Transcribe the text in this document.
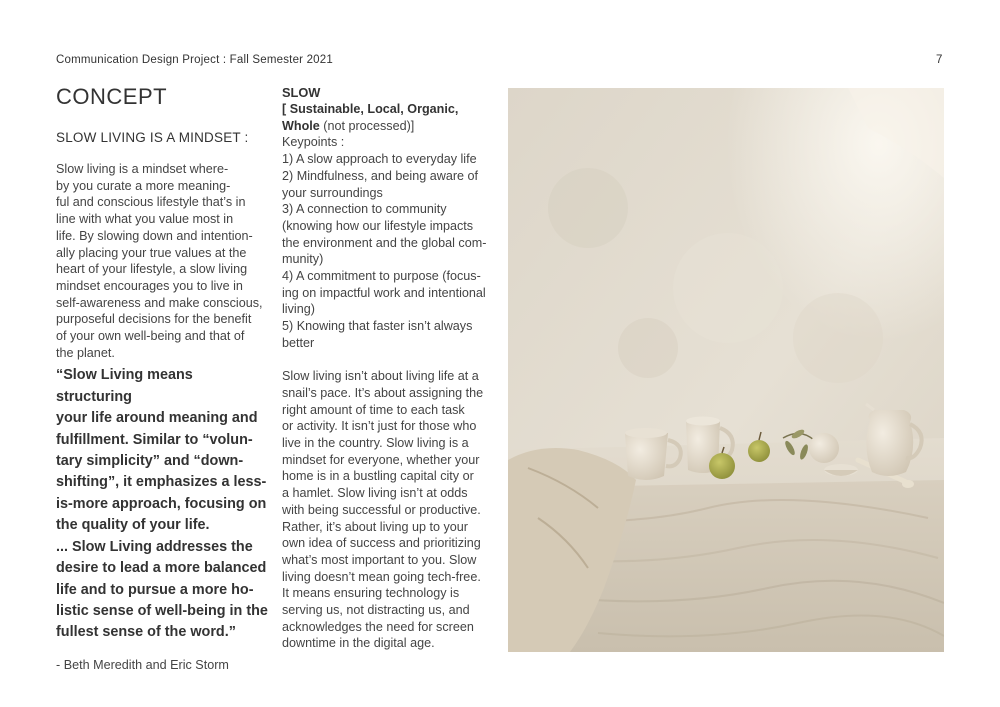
Communication Design Project : Fall Semester 2021	7
CONCEPT
SLOW LIVING IS A MINDSET :
Slow living is a mindset where-
by you curate a more meaning-
ful and conscious lifestyle that’s in
line with what you value most in
life. By slowing down and intention-
ally placing your true values at the
heart of your lifestyle, a slow living
mindset encourages you to live in
self-awareness and make conscious,
purposeful decisions for the benefit
of your own well-being and that of
the planet.
“Slow Living means structuring
your life around meaning and
fulfillment. Similar to “volun-
tary simplicity” and “down-
shifting”, it emphasizes a less-
is-more approach, focusing on
the quality of your life.
... Slow Living addresses the
desire to lead a more balanced
life and to pursue a more ho-
listic sense of well-being in the
fullest sense of the word.”
- Beth Meredith and Eric Storm
SLOW
[ Sustainable, Local, Organic,
Whole (not processed)]
Keypoints :
1) A slow approach to everyday life
2) Mindfulness, and being aware of
your surroundings
3) A connection to community
(knowing how our lifestyle impacts
the environment and the global com-
munity)
4) A commitment to purpose (focus-
ing on impactful work and intentional
living)
5) Knowing that faster isn’t always
better
Slow living isn’t about living life at a
snail’s pace. It’s about assigning the
right amount of time to each task
or activity. It isn’t just for those who
live in the country. Slow living is a
mindset for everyone, whether your
home is in a bustling capital city or
a hamlet. Slow living isn’t at odds
with being successful or productive.
Rather, it’s about living up to your
own idea of success and prioritizing
what’s most important to you. Slow
living doesn’t mean going tech-free.
It means ensuring technology is
serving us, not distracting us, and
acknowledges the need for screen
downtime in the digital age.
